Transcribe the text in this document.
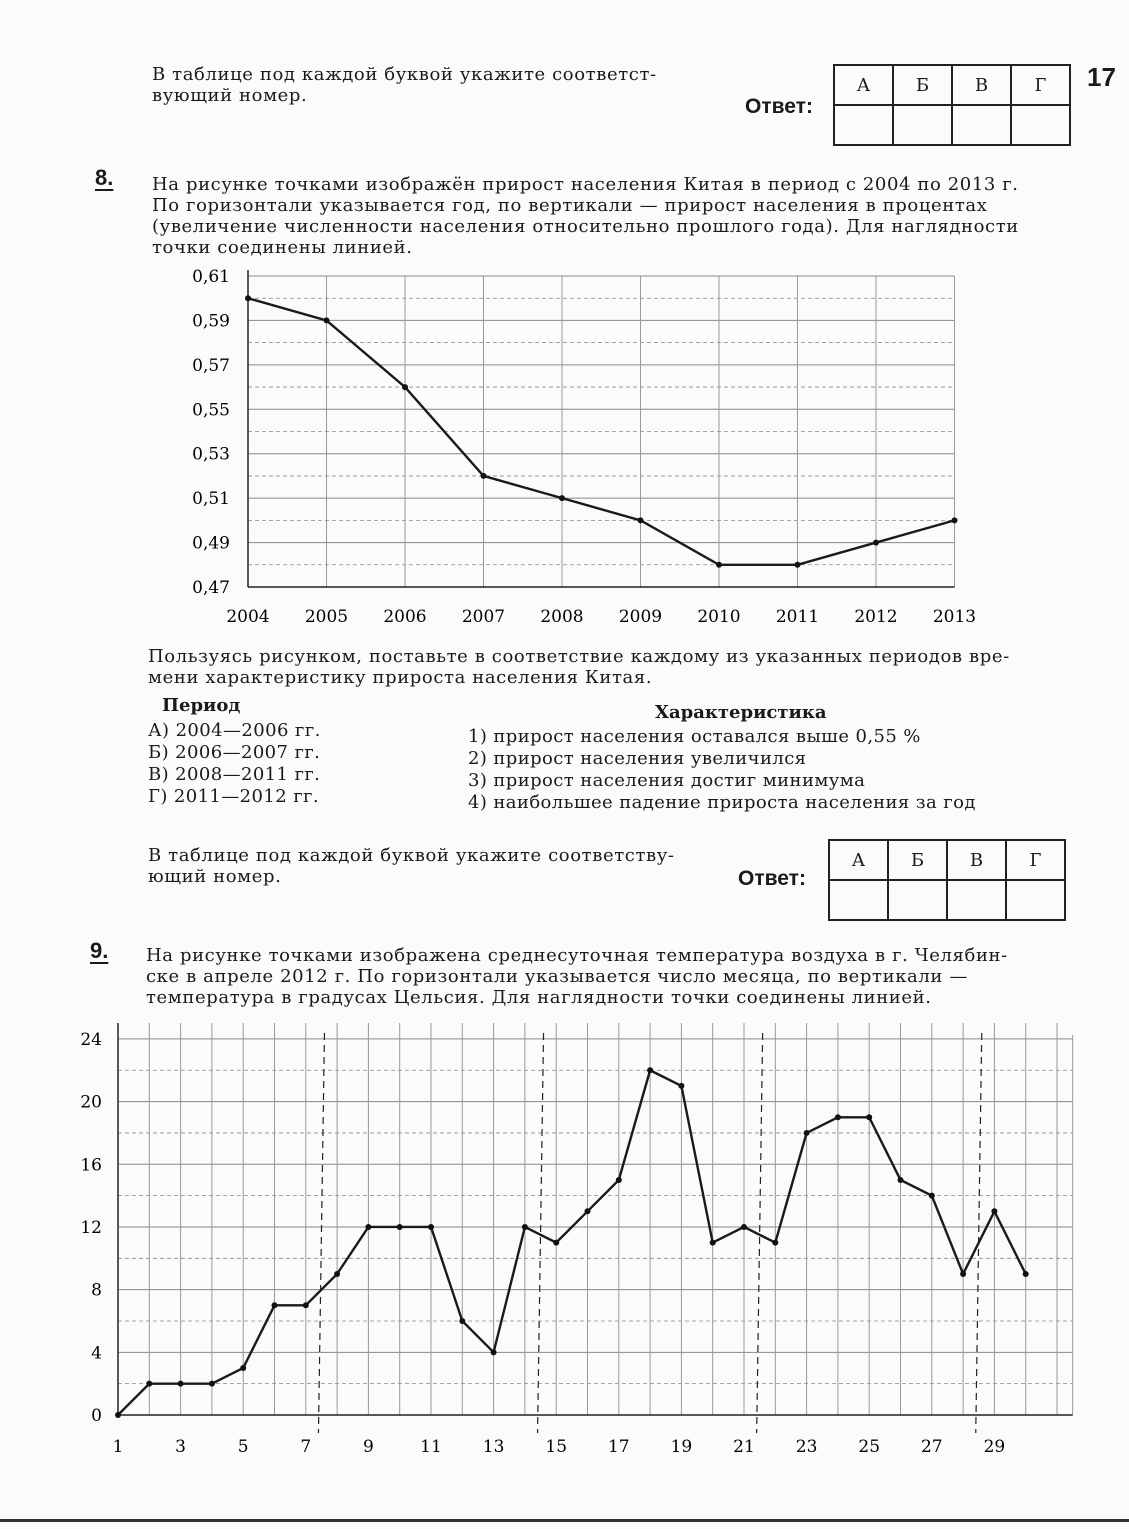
17
В таблице под каждой буквой укажите соответст-
вующий номер.	Ответ:
А	Б	В	Г

8. На рисунке точками изображён прирост населения Китая в период с 2004 по 2013 г.
По горизонтали указывается год, по вертикали — прирост населения в процентах
(увеличение численности населения относительно прошлого года). Для наглядности
точки соединены линией.
0,61
0,59
0,57
0,55
0,53
0,51
0,49
0,47
2004 2005 2006 2007 2008 2009 2010 2011 2012 2013
Пользуясь рисунком, поставьте в соответствие каждому из указанных периодов вре-
мени характеристику прироста населения Китая.
Период
А) 2004—2006 гг.
Б) 2006—2007 гг.
В) 2008—2011 гг.
Г) 2011—2012 гг.
Характеристика
1) прирост населения оставался выше 0,55 %
2) прирост населения увеличился
3) прирост населения достиг минимума
4) наибольшее падение прироста населения за год
В таблице под каждой буквой укажите соответству-
ющий номер.	Ответ:
А	Б	В	Г

9. На рисунке точками изображена среднесуточная температура воздуха в г. Челябин-
ске в апреле 2012 г. По горизонтали указывается число месяца, по вертикали —
температура в градусах Цельсия. Для наглядности точки соединены линией.
0
4
8
12
16
20
24
1	3	5	7	9	11 13 15 17 19 21 23 25 27 29
